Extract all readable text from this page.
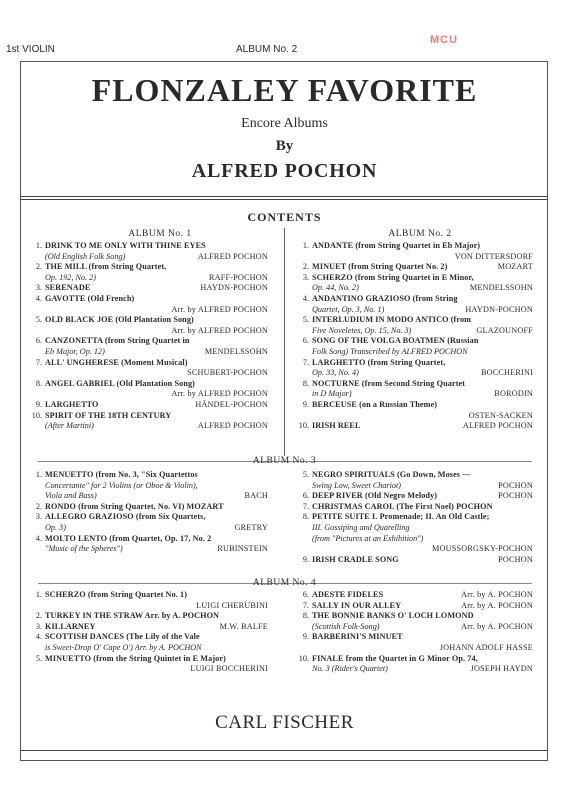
1st VIOLIN	ALBUM No. 2
MCU
FLONZALEY FAVORITE
Encore Albums
By
ALFRED POCHON
CONTENTS
ALBUM No. 1	ALBUM No. 2
ALBUM No. 3
ALBUM No. 4
1. DRINK TO ME ONLY WITH THINE EYES
(Old English Folk Song)	ALFRED POCHON
2. THE MILL (from String Quartet,
Op. 192, No. 2)	RAFF-POCHON
3. SERENADE	HAYDN-POCHON
4. GAVOTTE (Old French)
Arr. by ALFRED POCHON
5. OLD BLACK JOE (Old Plantation Song)
Arr. by ALFRED POCHON
6. CANZONETTA (from String Quartet in
Eb Major, Op. 12)	MENDELSSOHN
7. ALL' UNGHERESE (Moment Musical)
SCHUBERT-POCHON
8. ANGEL GABRIEL (Old Plantation Song)
Arr. by ALFRED POCHON
9. LARGHETTO	HÄNDEL-POCHON
10. SPIRIT OF THE 18TH CENTURY
(After Martini)	ALFRED POCHON
1. ANDANTE (from String Quartet in Eb Major)
VON DITTERSDORF
2. MINUET (from String Quartet No. 2)	MOZART
3. SCHERZO (from String Quartet in E Minor,
Op. 44, No. 2)	MENDELSSOHN
4. ANDANTINO GRAZIOSO (from String
Quartet, Op. 3, No. 1)	HAYDN-POCHON
5. INTERLUDIUM IN MODO ANTICO (from
Five Noveletes, Op. 15, No. 3)	GLAZOUNOFF
6. SONG OF THE VOLGA BOATMEN (Russian
Folk Song) Transcribed by ALFRED POCHON
7. LARGHETTO (from String Quartet,
Op. 33, No. 4)	BOCCHERINI
8. NOCTURNE (from Second String Quartet
in D Major)	BORODIN
9. BERCEUSE (on a Russian Theme)
OSTEN-SACKEN
10. IRISH REEL	ALFRED POCHON
1. MENUETTO (from No. 3, "Six Quartettos
Concertante" for 2 Violins (or Oboe & Violin),
Viola and Bass)	BACH
2. RONDO (from String Quartet, No. VI) MOZART
3. ALLEGRO GRAZIOSO (from Six Quartets,
Op. 3)	GRETRY
4. MOLTO LENTO (from Quartet, Op. 17, No. 2
"Music of the Spheres")	RUBINSTEIN
5. NEGRO SPIRITUALS (Go Down, Moses —
Swing Low, Sweet Chariot)	POCHON
6. DEEP RIVER (Old Negro Melody)	POCHON
7. CHRISTMAS CAROL (The First Noel) POCHON
8. PETITE SUITE I. Promenade; II. An Old Castle;
III. Gossiping and Quarelling
(from "Pictures at an Exhibition")
MOUSSORGSKY-POCHON
9. IRISH CRADLE SONG	POCHON
1. SCHERZO (from String Quartet No. 1)
LUIGI CHERUBINI
2. TURKEY IN THE STRAW Arr. by A. POCHON
3. KILLARNEY	M.W. BALFE
4. SCOTTISH DANCES (The Lily of the Vale
is Sweet-Drop O' Cape O') Arr. by A. POCHON
5. MINUETTO (from the String Quintet in E Major)
LUIGI BOCCHERINI
6. ADESTE FIDELES	Arr. by A. POCHON
7. SALLY IN OUR ALLEY	Arr. by A. POCHON
8. THE BONNIE BANKS O' LOCH LOMOND
(Scottish Folk-Song)	Arr. by A. POCHON
9. BARBERINI'S MINUET
JOHANN ADOLF HASSE
10. FINALE from the Quartet in G Minor Op. 74,
No. 3 (Rider's Quartet)	JOSEPH HAYDN
CARL FISCHER
